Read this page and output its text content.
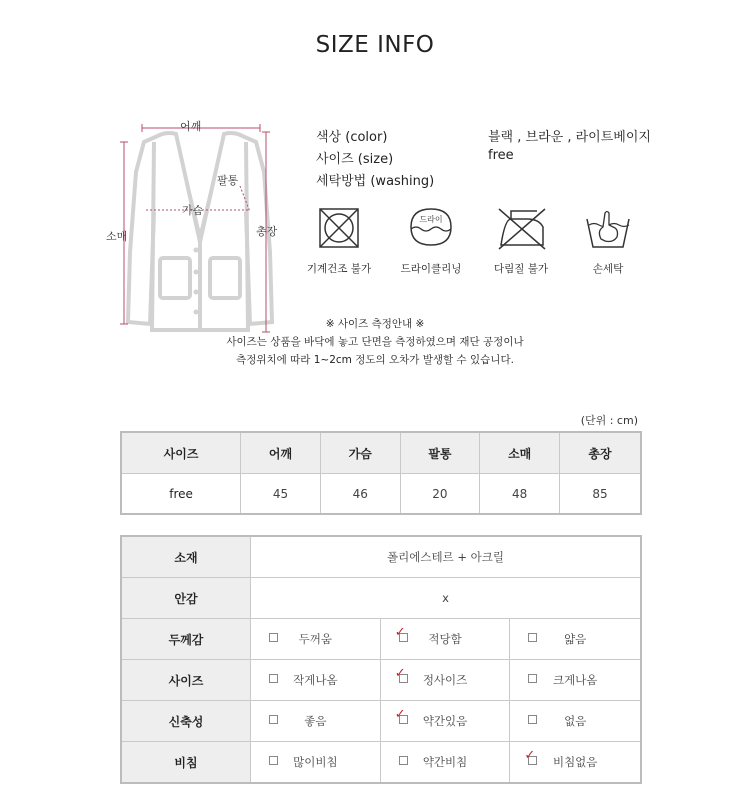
SIZE INFO
어깨
가슴
팔통
소매	총장
색상 (color)	블랙 , 브라운 , 라이트베이지
사이즈 (size)	free
세탁방법 (washing)
기계건조 불가
드라이
드라이클리닝	다림질 불가	손세탁
※ 사이즈 측정안내 ※
사이즈는 상품을 바닥에 놓고 단면을 측정하였으며 재단 공정이나
측정위치에 따라 1~2cm 정도의 오차가 발생할 수 있습니다.
(단위 : cm)
사이즈	어깨	가슴	팔통	소매	총장
free	45	46	20	48	85
소재	폴리에스테르 + 아크릴		
안감	x		
두께감	두꺼움	✓ 적당함	얇음

사이즈	작게나옴	✓ 정사이즈	크게나옴

신축성	좋음	✓ 약간있음	없음

비침	많이비침	약간비침	✓ 비침없음
